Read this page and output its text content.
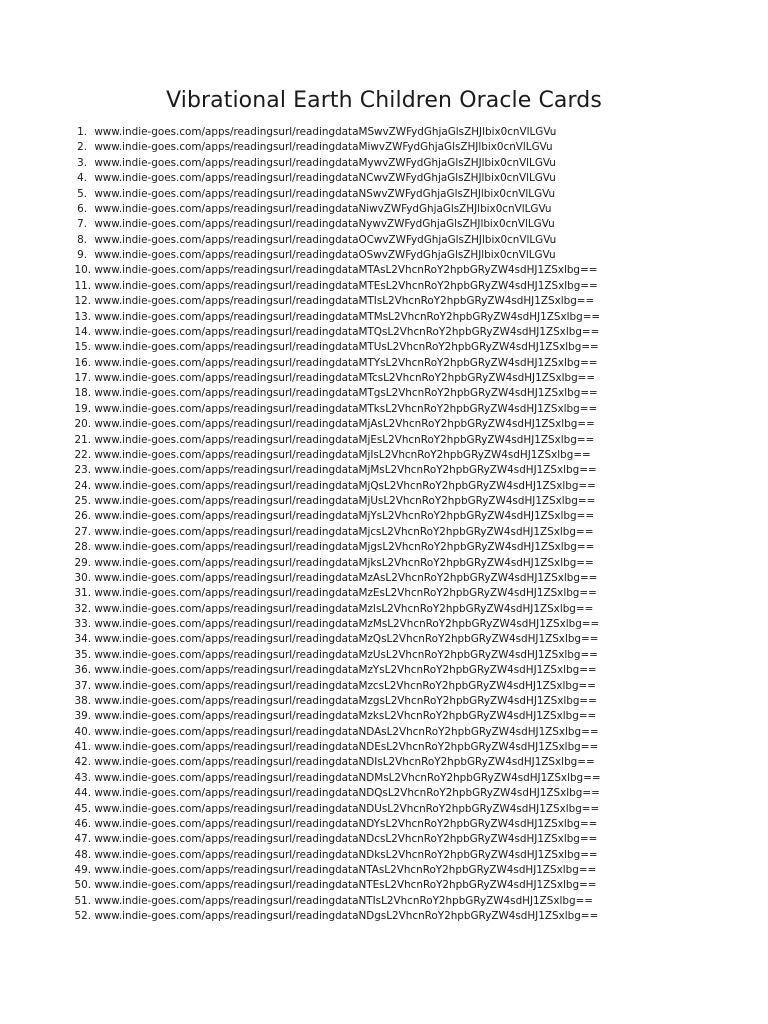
Vibrational Earth Children Oracle Cards
1.
www.indie-goes.com/apps/readingsurl/readingdataMSwvZWFydGhjaGlsZHJlbix0cnVlLGVu
2.
www.indie-goes.com/apps/readingsurl/readingdataMiwvZWFydGhjaGlsZHJlbix0cnVlLGVu
3.
www.indie-goes.com/apps/readingsurl/readingdataMywvZWFydGhjaGlsZHJlbix0cnVlLGVu
4.
www.indie-goes.com/apps/readingsurl/readingdataNCwvZWFydGhjaGlsZHJlbix0cnVlLGVu
5.
www.indie-goes.com/apps/readingsurl/readingdataNSwvZWFydGhjaGlsZHJlbix0cnVlLGVu
6.
www.indie-goes.com/apps/readingsurl/readingdataNiwvZWFydGhjaGlsZHJlbix0cnVlLGVu
7.
www.indie-goes.com/apps/readingsurl/readingdataNywvZWFydGhjaGlsZHJlbix0cnVlLGVu
8.
www.indie-goes.com/apps/readingsurl/readingdataOCwvZWFydGhjaGlsZHJlbix0cnVlLGVu
9.
www.indie-goes.com/apps/readingsurl/readingdataOSwvZWFydGhjaGlsZHJlbix0cnVlLGVu
10.
www.indie-goes.com/apps/readingsurl/readingdataMTAsL2VhcnRoY2hpbGRyZW4sdHJ1ZSxlbg==
11.
www.indie-goes.com/apps/readingsurl/readingdataMTEsL2VhcnRoY2hpbGRyZW4sdHJ1ZSxlbg==
12.
www.indie-goes.com/apps/readingsurl/readingdataMTIsL2VhcnRoY2hpbGRyZW4sdHJ1ZSxlbg==
13.
www.indie-goes.com/apps/readingsurl/readingdataMTMsL2VhcnRoY2hpbGRyZW4sdHJ1ZSxlbg==
14.
www.indie-goes.com/apps/readingsurl/readingdataMTQsL2VhcnRoY2hpbGRyZW4sdHJ1ZSxlbg==
15.
www.indie-goes.com/apps/readingsurl/readingdataMTUsL2VhcnRoY2hpbGRyZW4sdHJ1ZSxlbg==
16.
www.indie-goes.com/apps/readingsurl/readingdataMTYsL2VhcnRoY2hpbGRyZW4sdHJ1ZSxlbg==
17.
www.indie-goes.com/apps/readingsurl/readingdataMTcsL2VhcnRoY2hpbGRyZW4sdHJ1ZSxlbg==
18.
www.indie-goes.com/apps/readingsurl/readingdataMTgsL2VhcnRoY2hpbGRyZW4sdHJ1ZSxlbg==
19.
www.indie-goes.com/apps/readingsurl/readingdataMTksL2VhcnRoY2hpbGRyZW4sdHJ1ZSxlbg==
20.
www.indie-goes.com/apps/readingsurl/readingdataMjAsL2VhcnRoY2hpbGRyZW4sdHJ1ZSxlbg==
21.
www.indie-goes.com/apps/readingsurl/readingdataMjEsL2VhcnRoY2hpbGRyZW4sdHJ1ZSxlbg==
22.
www.indie-goes.com/apps/readingsurl/readingdataMjIsL2VhcnRoY2hpbGRyZW4sdHJ1ZSxlbg==
23.
www.indie-goes.com/apps/readingsurl/readingdataMjMsL2VhcnRoY2hpbGRyZW4sdHJ1ZSxlbg==
24.
www.indie-goes.com/apps/readingsurl/readingdataMjQsL2VhcnRoY2hpbGRyZW4sdHJ1ZSxlbg==
25.
www.indie-goes.com/apps/readingsurl/readingdataMjUsL2VhcnRoY2hpbGRyZW4sdHJ1ZSxlbg==
26.
www.indie-goes.com/apps/readingsurl/readingdataMjYsL2VhcnRoY2hpbGRyZW4sdHJ1ZSxlbg==
27.
www.indie-goes.com/apps/readingsurl/readingdataMjcsL2VhcnRoY2hpbGRyZW4sdHJ1ZSxlbg==
28.
www.indie-goes.com/apps/readingsurl/readingdataMjgsL2VhcnRoY2hpbGRyZW4sdHJ1ZSxlbg==
29.
www.indie-goes.com/apps/readingsurl/readingdataMjksL2VhcnRoY2hpbGRyZW4sdHJ1ZSxlbg==
30.
www.indie-goes.com/apps/readingsurl/readingdataMzAsL2VhcnRoY2hpbGRyZW4sdHJ1ZSxlbg==
31.
www.indie-goes.com/apps/readingsurl/readingdataMzEsL2VhcnRoY2hpbGRyZW4sdHJ1ZSxlbg==
32.
www.indie-goes.com/apps/readingsurl/readingdataMzIsL2VhcnRoY2hpbGRyZW4sdHJ1ZSxlbg==
33.
www.indie-goes.com/apps/readingsurl/readingdataMzMsL2VhcnRoY2hpbGRyZW4sdHJ1ZSxlbg==
34.
www.indie-goes.com/apps/readingsurl/readingdataMzQsL2VhcnRoY2hpbGRyZW4sdHJ1ZSxlbg==
35.
www.indie-goes.com/apps/readingsurl/readingdataMzUsL2VhcnRoY2hpbGRyZW4sdHJ1ZSxlbg==
36.
www.indie-goes.com/apps/readingsurl/readingdataMzYsL2VhcnRoY2hpbGRyZW4sdHJ1ZSxlbg==
37.
www.indie-goes.com/apps/readingsurl/readingdataMzcsL2VhcnRoY2hpbGRyZW4sdHJ1ZSxlbg==
38.
www.indie-goes.com/apps/readingsurl/readingdataMzgsL2VhcnRoY2hpbGRyZW4sdHJ1ZSxlbg==
39.
www.indie-goes.com/apps/readingsurl/readingdataMzksL2VhcnRoY2hpbGRyZW4sdHJ1ZSxlbg==
40.
www.indie-goes.com/apps/readingsurl/readingdataNDAsL2VhcnRoY2hpbGRyZW4sdHJ1ZSxlbg==
41.
www.indie-goes.com/apps/readingsurl/readingdataNDEsL2VhcnRoY2hpbGRyZW4sdHJ1ZSxlbg==
42.
www.indie-goes.com/apps/readingsurl/readingdataNDIsL2VhcnRoY2hpbGRyZW4sdHJ1ZSxlbg==
43.
www.indie-goes.com/apps/readingsurl/readingdataNDMsL2VhcnRoY2hpbGRyZW4sdHJ1ZSxlbg==
44.
www.indie-goes.com/apps/readingsurl/readingdataNDQsL2VhcnRoY2hpbGRyZW4sdHJ1ZSxlbg==
45.
www.indie-goes.com/apps/readingsurl/readingdataNDUsL2VhcnRoY2hpbGRyZW4sdHJ1ZSxlbg==
46.
www.indie-goes.com/apps/readingsurl/readingdataNDYsL2VhcnRoY2hpbGRyZW4sdHJ1ZSxlbg==
47.
www.indie-goes.com/apps/readingsurl/readingdataNDcsL2VhcnRoY2hpbGRyZW4sdHJ1ZSxlbg==
48.
www.indie-goes.com/apps/readingsurl/readingdataNDksL2VhcnRoY2hpbGRyZW4sdHJ1ZSxlbg==
49.
www.indie-goes.com/apps/readingsurl/readingdataNTAsL2VhcnRoY2hpbGRyZW4sdHJ1ZSxlbg==
50.
www.indie-goes.com/apps/readingsurl/readingdataNTEsL2VhcnRoY2hpbGRyZW4sdHJ1ZSxlbg==
51.
www.indie-goes.com/apps/readingsurl/readingdataNTIsL2VhcnRoY2hpbGRyZW4sdHJ1ZSxlbg==
52.
www.indie-goes.com/apps/readingsurl/readingdataNDgsL2VhcnRoY2hpbGRyZW4sdHJ1ZSxlbg==
